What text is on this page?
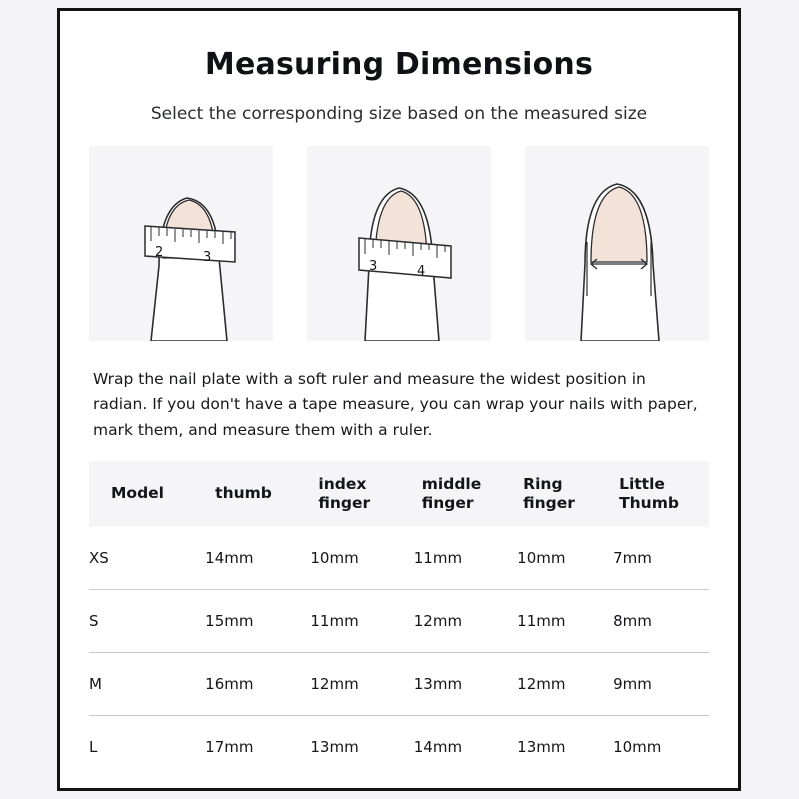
Measuring Dimensions
Select the corresponding size based on the measured size
2	3
3	4
Wrap the nail plate with a soft ruler and measure the widest position in radian. If you don't have a tape measure, you can wrap your nails with paper, mark them, and measure them with a ruler.
Model	thumb	index finger	middle finger	Ring finger	Little Thumb
XS	14mm	10mm	11mm	10mm	7mm
S	15mm	11mm	12mm	11mm	8mm
M	16mm	12mm	13mm	12mm	9mm
L	17mm	13mm	14mm	13mm	10mm
